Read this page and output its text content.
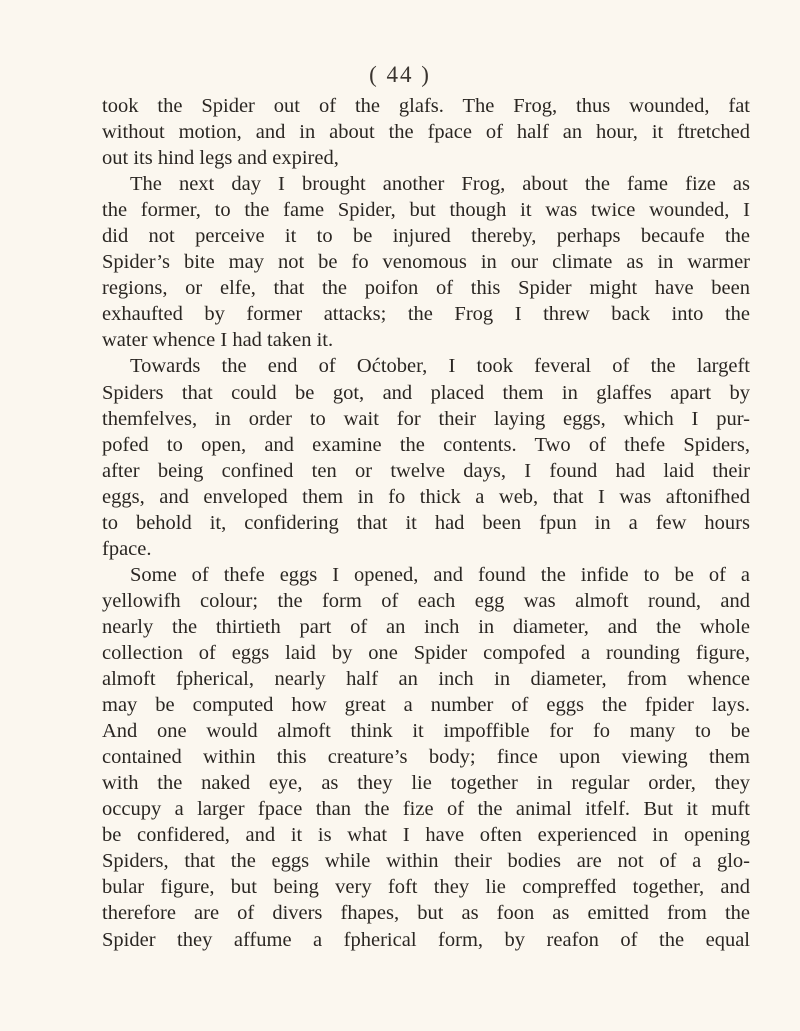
( 44 )
took the Spider out of the glafs. The Frog, thus wounded, fat
without motion, and in about the fpace of half an hour, it ftretched
out its hind legs and expired,
The next day I brought another Frog, about the fame fize as
the former, to the fame Spider, but though it was twice wounded, I
did not perceive it to be injured thereby, perhaps becaufe the
Spider’s bite may not be fo venomous in our climate as in warmer
regions, or elfe, that the poifon of this Spider might have been
exhaufted by former attacks; the Frog I threw back into the
water whence I had taken it.
Towards the end of Oćtober, I took feveral of the largeft
Spiders that could be got, and placed them in glaffes apart by
themfelves, in order to wait for their laying eggs, which I pur-
pofed to open, and examine the contents. Two of thefe Spiders,
after being confined ten or twelve days, I found had laid their
eggs, and enveloped them in fo thick a web, that I was aftonifhed
to behold it, confidering that it had been fpun in a few hours
fpace.
Some of thefe eggs I opened, and found the infide to be of a
yellowifh colour; the form of each egg was almoft round, and
nearly the thirtieth part of an inch in diameter, and the whole
collection of eggs laid by one Spider compofed a rounding figure,
almoft fpherical, nearly half an inch in diameter, from whence
may be computed how great a number of eggs the fpider lays.
And one would almoft think it impoffible for fo many to be
contained within this creature’s body; fince upon viewing them
with the naked eye, as they lie together in regular order, they
occupy a larger fpace than the fize of the animal itfelf. But it muft
be confidered, and it is what I have often experienced in opening
Spiders, that the eggs while within their bodies are not of a glo-
bular figure, but being very foft they lie compreffed together, and
therefore are of divers fhapes, but as foon as emitted from the
Spider they affume a fpherical form, by reafon of the equal
